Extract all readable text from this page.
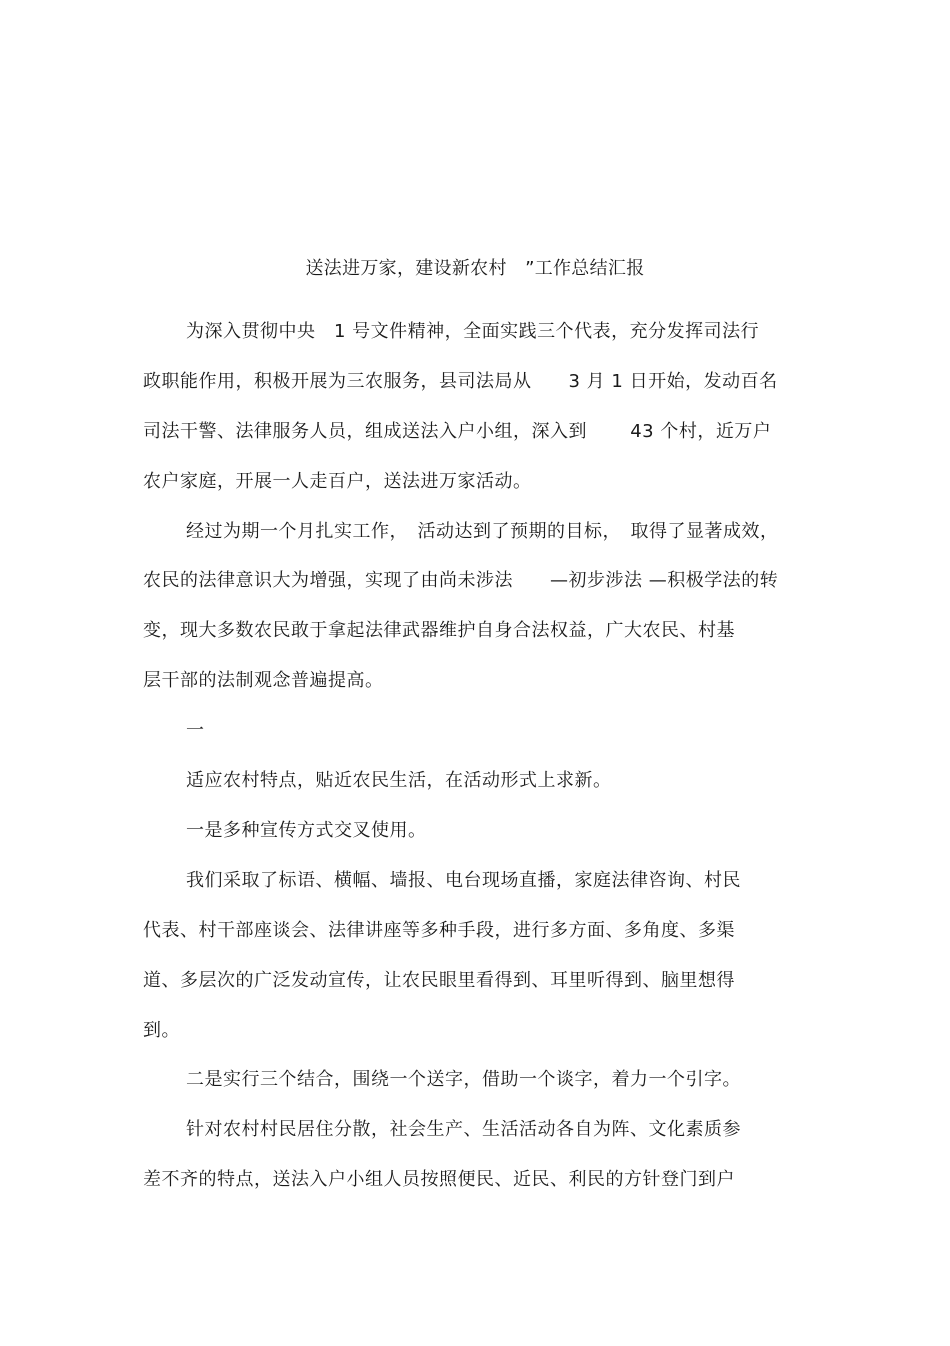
送法进万家，建设新农村　”工作总结汇报
为深入贯彻中央　1 号文件精神，全面实践三个代表，充分发挥司法行
政职能作用，积极开展为三农服务，县司法局从　　3 月 1 日开始，发动百名
司法干警、法律服务人员，组成送法入户小组，深入到　　 43 个村，近万户
农户家庭，开展一人走百户，送法进万家活动。
经过为期一个月扎实工作，　活动达到了预期的目标，　取得了显著成效，
农民的法律意识大为增强，实现了由尚未涉法　　—初步涉法 —积极学法的转
变，现大多数农民敢于拿起法律武器维护自身合法权益，广大农民、村基
层干部的法制观念普遍提高。
一
适应农村特点，贴近农民生活，在活动形式上求新。
一是多种宣传方式交叉使用。
我们采取了标语、横幅、墙报、电台现场直播，家庭法律咨询、村民
代表、村干部座谈会、法律讲座等多种手段，进行多方面、多角度、多渠
道、多层次的广泛发动宣传，让农民眼里看得到、耳里听得到、脑里想得
到。
二是实行三个结合，围绕一个送字，借助一个谈字，着力一个引字。
针对农村村民居住分散，社会生产、生活活动各自为阵、文化素质参
差不齐的特点，送法入户小组人员按照便民、近民、利民的方针登门到户
